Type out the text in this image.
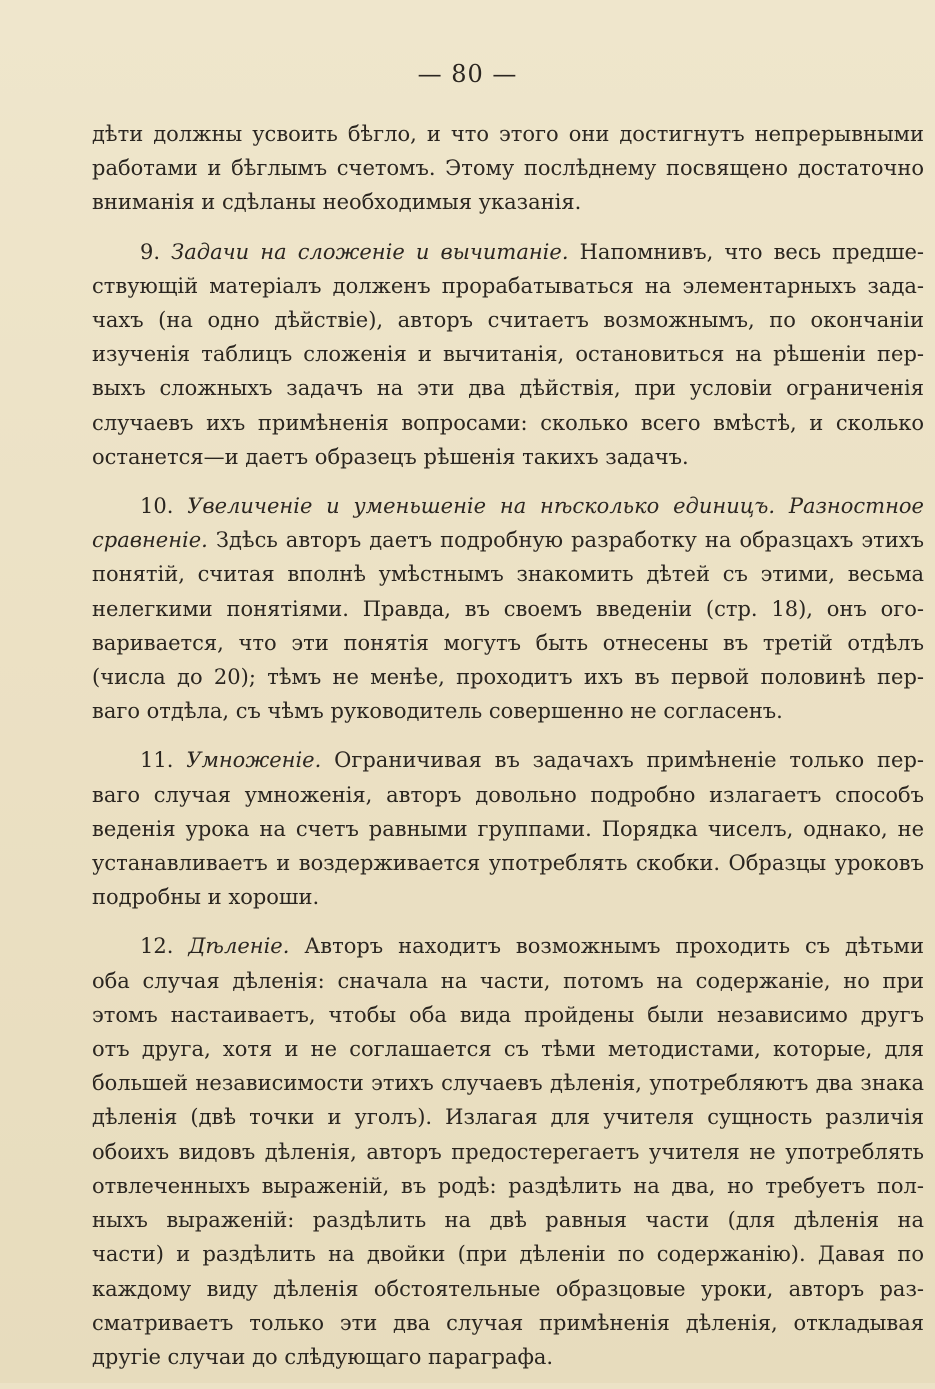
— 80 —
дѣти должны усвоить бѣгло, и что этого они достигнутъ непрерывными
работами и бѣглымъ счетомъ. Этому послѣднему посвящено достаточно
вниманія и сдѣланы необходимыя указанія.
9. Задачи на сложеніе и вычитаніе. Напомнивъ, что весь предше-
ствующій матеріалъ долженъ прорабатываться на элементарныхъ зада-
чахъ (на одно дѣйствіе), авторъ считаетъ возможнымъ, по окончаніи
изученія таблицъ сложенія и вычитанія, остановиться на рѣшеніи пер-
выхъ сложныхъ задачъ на эти два дѣйствія, при условіи ограниченія
случаевъ ихъ примѣненія вопросами: сколько всего вмѣстѣ, и сколько
останется—и даетъ образецъ рѣшенія такихъ задачъ.
10. Увеличеніе и уменьшеніе на нѣсколько единицъ. Разностное
сравненіе. Здѣсь авторъ даетъ подробную разработку на образцахъ этихъ
понятій, считая вполнѣ умѣстнымъ знакомить дѣтей съ этими, весьма
нелегкими понятіями. Правда, въ своемъ введеніи (стр. 18), онъ ого-
варивается, что эти понятія могутъ быть отнесены въ третій отдѣлъ
(числа до 20); тѣмъ не менѣе, проходитъ ихъ въ первой половинѣ пер-
ваго отдѣла, съ чѣмъ руководитель совершенно не согласенъ.
11. Умноженіе. Ограничивая въ задачахъ примѣненіе только пер-
ваго случая умноженія, авторъ довольно подробно излагаетъ способъ
веденія урока на счетъ равными группами. Порядка чиселъ, однако, не
устанавливаетъ и воздерживается употреблять скобки. Образцы уроковъ
подробны и хороши.
12. Дѣленіе. Авторъ находитъ возможнымъ проходить съ дѣтьми
оба случая дѣленія: сначала на части, потомъ на содержаніе, но при
этомъ настаиваетъ, чтобы оба вида пройдены были независимо другъ
отъ друга, хотя и не соглашается съ тѣми методистами, которые, для
большей независимости этихъ случаевъ дѣленія, употребляютъ два знака
дѣленія (двѣ точки и уголъ). Излагая для учителя сущность различія
обоихъ видовъ дѣленія, авторъ предостерегаетъ учителя не употреблять
отвлеченныхъ выраженій, въ родѣ: раздѣлить на два, но требуетъ пол-
ныхъ выраженій: раздѣлить на двѣ равныя части (для дѣленія на
части) и раздѣлить на двойки (при дѣленіи по содержанію). Давая по
каждому виду дѣленія обстоятельные образцовые уроки, авторъ раз-
сматриваетъ только эти два случая примѣненія дѣленія, откладывая
другіе случаи до слѣдующаго параграфа.
